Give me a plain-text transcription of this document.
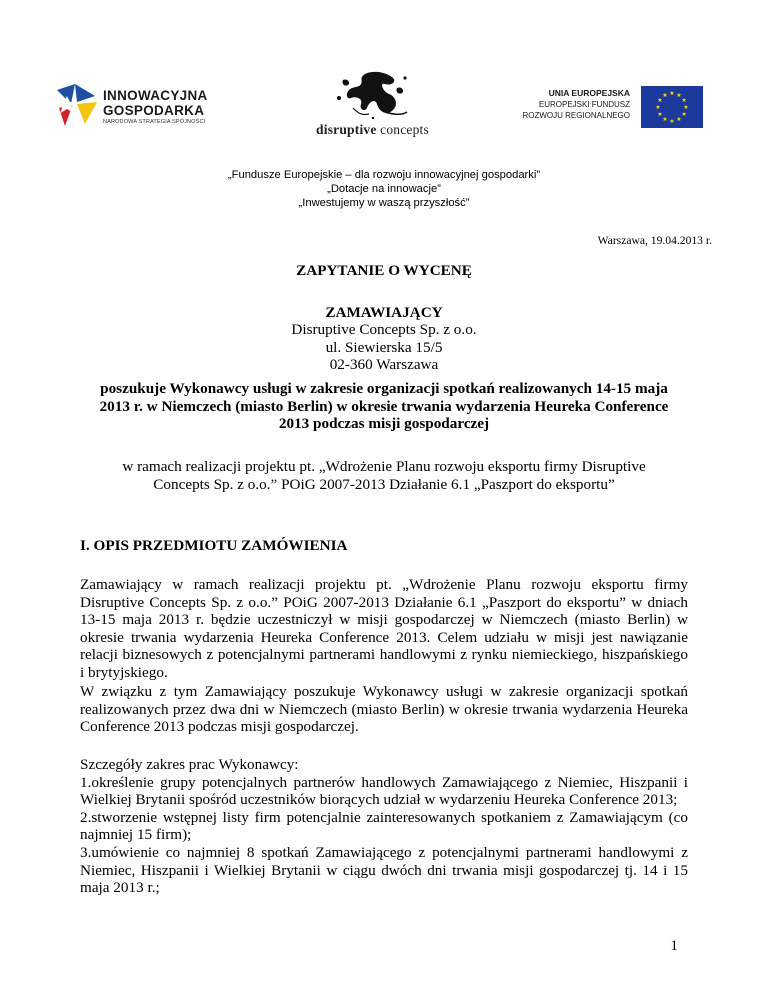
INNOWACYJNA
GOSPODARKA
NARODOWA STRATEGIA SPÓJNOŚCI	disruptive concepts
UNIA EUROPEJSKA
EUROPEJSKI FUNDUSZ
ROZWOJU REGIONALNEGO
★ ★
★
★
★
★
★
★
★
★
★
★
„Fundusze Europejskie – dla rozwoju innowacyjnej gospodarki”
„Dotacje na innowacje”
„Inwestujemy w waszą przyszłość”
Warszawa, 19.04.2013 r.
ZAPYTANIE O WYCENĘ
ZAMAWIAJĄCY
Disruptive Concepts Sp. z o.o.
ul. Siewierska 15/5
02-360 Warszawa
poszukuje Wykonawcy usługi w zakresie organizacji spotkań realizowanych 14-15 maja 2013 r. w Niemczech (miasto Berlin) w okresie trwania wydarzenia Heureka Conference 2013 podczas misji gospodarczej
w ramach realizacji projektu pt. „Wdrożenie Planu rozwoju eksportu firmy Disruptive Concepts Sp. z o.o.” POiG 2007-2013 Działanie 6.1 „Paszport do eksportu”
I. OPIS PRZEDMIOTU ZAMÓWIENIA
Zamawiający w ramach realizacji projektu pt. „Wdrożenie Planu rozwoju eksportu firmy Disruptive Concepts Sp. z o.o.” POiG 2007-2013 Działanie 6.1 „Paszport do eksportu” w dniach 13-15 maja 2013 r. będzie uczestniczył w misji gospodarczej w Niemczech (miasto Berlin) w okresie trwania wydarzenia Heureka Conference 2013. Celem udziału w misji jest nawiązanie relacji biznesowych z potencjalnymi partnerami handlowymi z rynku niemieckiego, hiszpańskiego i brytyjskiego.
W związku z tym Zamawiający poszukuje Wykonawcy usługi w zakresie organizacji spotkań realizowanych przez dwa dni w Niemczech (miasto Berlin) w okresie trwania wydarzenia Heureka Conference 2013 podczas misji gospodarczej.
Szczegóły zakres prac Wykonawcy:
1.określenie grupy potencjalnych partnerów handlowych Zamawiającego z Niemiec, Hiszpanii i Wielkiej Brytanii spośród uczestników biorących udział w wydarzeniu Heureka Conference 2013;
2.stworzenie wstępnej listy firm potencjalnie zainteresowanych spotkaniem z Zamawiającym (co najmniej 15 firm);
3.umówienie co najmniej 8 spotkań Zamawiającego z potencjalnymi partnerami handlowymi z Niemiec, Hiszpanii i Wielkiej Brytanii w ciągu dwóch dni trwania misji gospodarczej tj. 14 i 15 maja 2013 r.;
1
